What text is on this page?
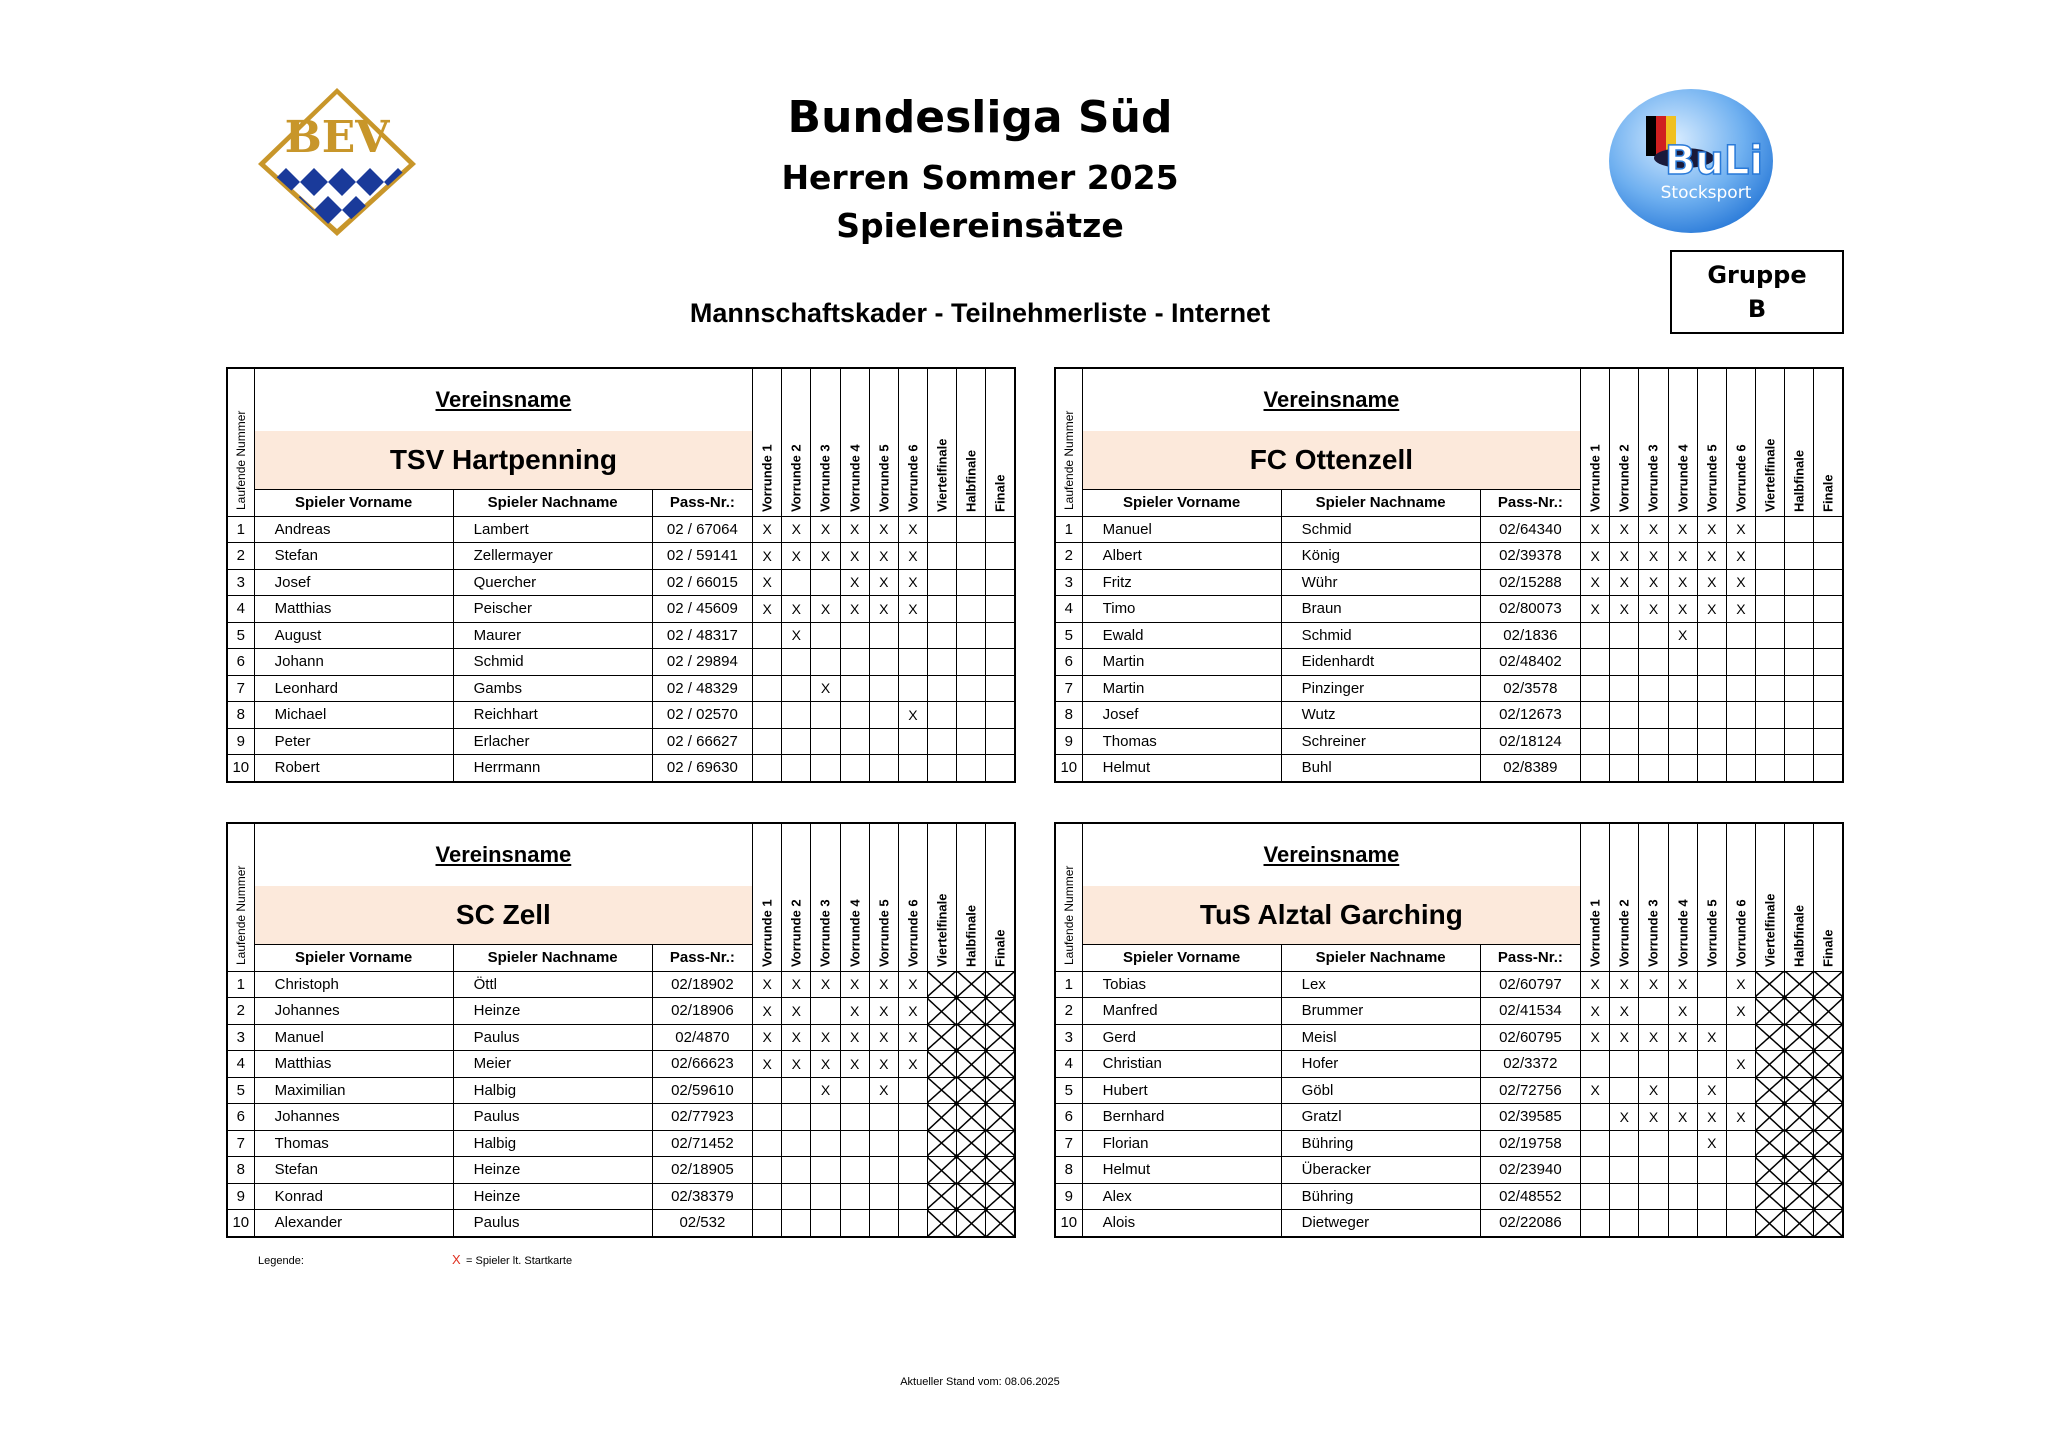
BEV	BuLi
Stocksport
Bundesliga Süd
Herren Sommer 2025
Spielereinsätze
Mannschaftskader - Teilnehmerliste - Internet
Gruppe
B
Laufende Nummer	Vereinsname			Vorrunde 1	Vorrunde 2	Vorrunde 3	Vorrunde 4	Vorrunde 5	Vorrunde 6	Viertelfinale	Halbfinale	Finale

	TSV Hartpenning											
	Spieler Vorname	Spieler Nachname	Pass-Nr.:									
1	Andreas	Lambert	02 / 67064	X	X	X	X	X	X			
2	Stefan	Zellermayer	02 / 59141	X	X	X	X	X	X			
3	Josef	Quercher	02 / 66015	X			X	X	X			
4	Matthias	Peischer	02 / 45609	X	X	X	X	X	X			
5	August	Maurer	02 / 48317		X							
6	Johann	Schmid	02 / 29894									
7	Leonhard	Gambs	02 / 48329			X						
8	Michael	Reichhart	02 / 02570						X			
9	Peter	Erlacher	02 / 66627									
10	Robert	Herrmann	02 / 69630									
Laufende Nummer	Vereinsname			Vorrunde 1	Vorrunde 2	Vorrunde 3	Vorrunde 4	Vorrunde 5	Vorrunde 6	Viertelfinale	Halbfinale	Finale

	FC Ottenzell											
	Spieler Vorname	Spieler Nachname	Pass-Nr.:									
1	Manuel	Schmid	02/64340	X	X	X	X	X	X			
2	Albert	König	02/39378	X	X	X	X	X	X			
3	Fritz	Wühr	02/15288	X	X	X	X	X	X			
4	Timo	Braun	02/80073	X	X	X	X	X	X			
5	Ewald	Schmid	02/1836				X					
6	Martin	Eidenhardt	02/48402									
7	Martin	Pinzinger	02/3578									
8	Josef	Wutz	02/12673									
9	Thomas	Schreiner	02/18124									
10	Helmut	Buhl	02/8389									
Laufende Nummer	Vereinsname			Vorrunde 1	Vorrunde 2	Vorrunde 3	Vorrunde 4	Vorrunde 5	Vorrunde 6	Viertelfinale	Halbfinale	Finale

	SC Zell											
	Spieler Vorname	Spieler Nachname	Pass-Nr.:									
1	Christoph	Öttl	02/18902	X	X	X	X	X	X			
2	Johannes	Heinze	02/18906	X	X		X	X	X			
3	Manuel	Paulus	02/4870	X	X	X	X	X	X			
4	Matthias	Meier	02/66623	X	X	X	X	X	X			
5	Maximilian	Halbig	02/59610			X		X				
6	Johannes	Paulus	02/77923									
7	Thomas	Halbig	02/71452									
8	Stefan	Heinze	02/18905									
9	Konrad	Heinze	02/38379									
10	Alexander	Paulus	02/532									
Laufende Nummer	Vereinsname			Vorrunde 1	Vorrunde 2	Vorrunde 3	Vorrunde 4	Vorrunde 5	Vorrunde 6	Viertelfinale	Halbfinale	Finale

	TuS Alztal Garching											
	Spieler Vorname	Spieler Nachname	Pass-Nr.:									
1	Tobias	Lex	02/60797	X	X	X	X		X			
2	Manfred	Brummer	02/41534	X	X		X		X			
3	Gerd	Meisl	02/60795	X	X	X	X	X				
4	Christian	Hofer	02/3372						X			
5	Hubert	Göbl	02/72756	X		X		X				
6	Bernhard	Gratzl	02/39585		X	X	X	X	X			
7	Florian	Bühring	02/19758					X				
8	Helmut	Überacker	02/23940									
9	Alex	Bühring	02/48552									
10	Alois	Dietweger	02/22086									
Legende:	X = Spieler lt. Startkarte
Aktueller Stand vom: 08.06.2025
